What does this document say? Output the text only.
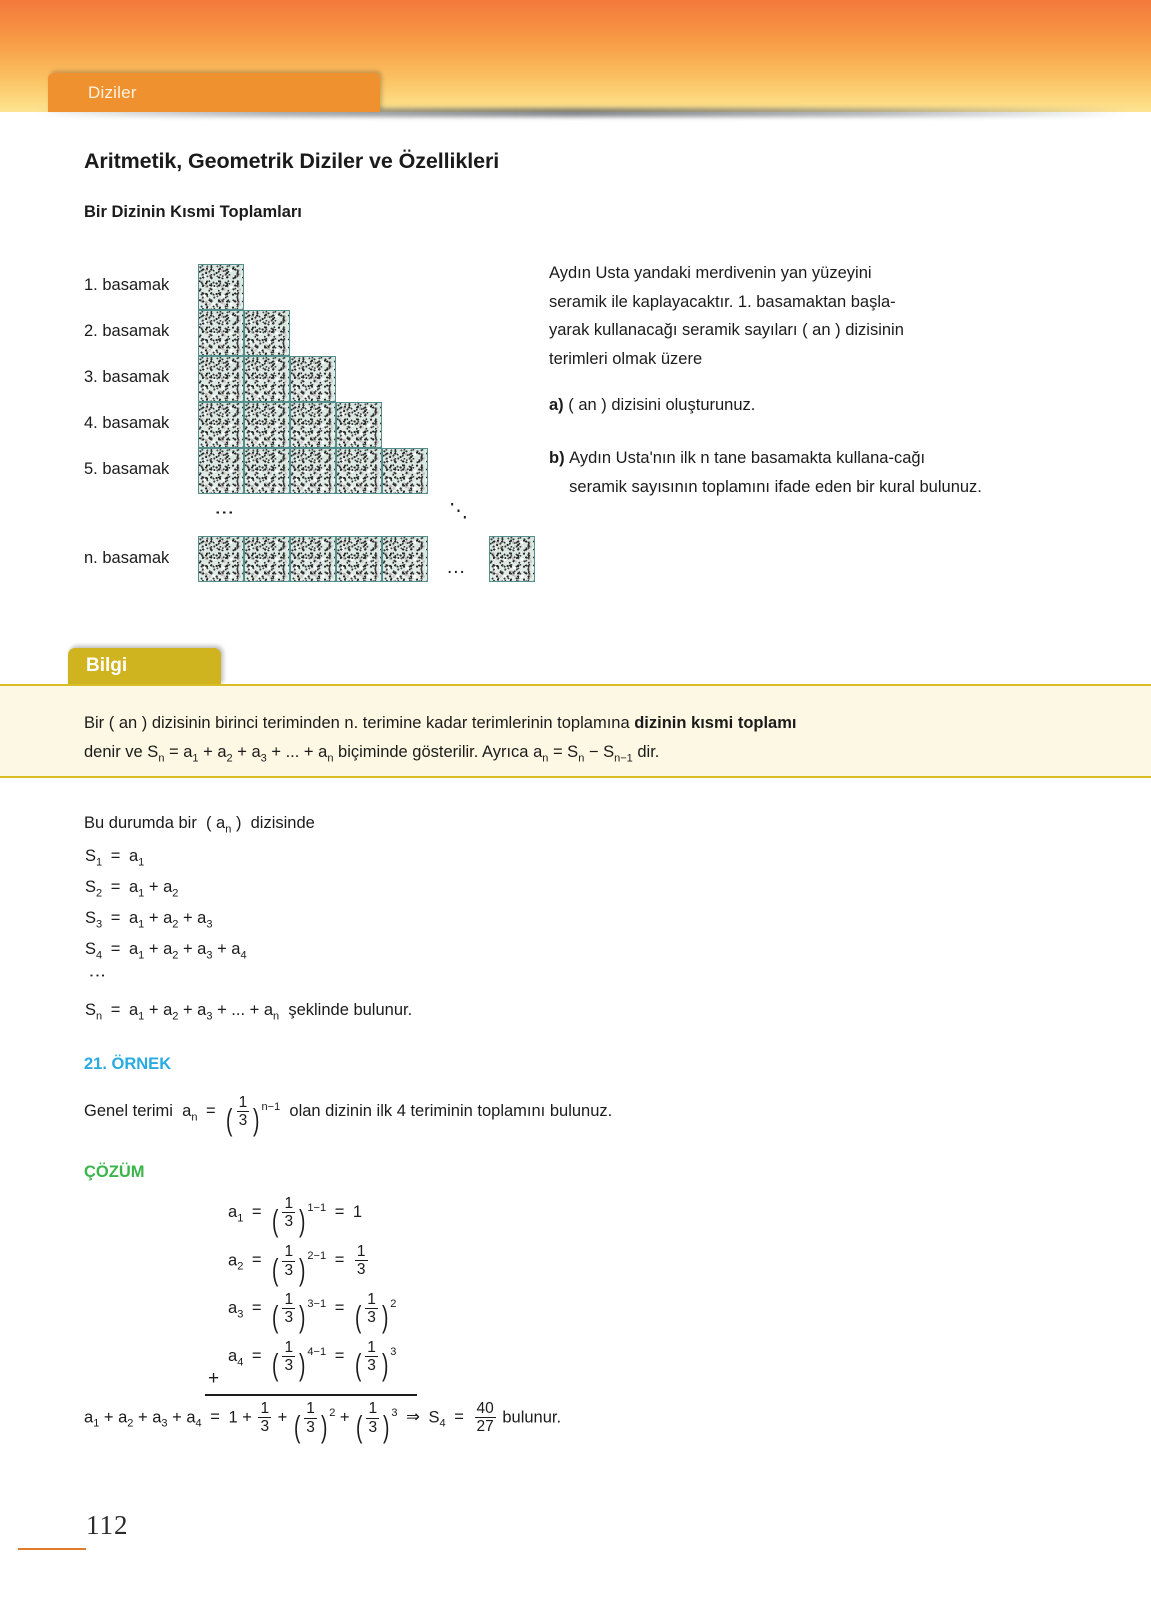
Diziler
Aritmetik, Geometrik Diziler ve Özellikleri
Bir Dizinin Kısmi Toplamları
1. basamak
2. basamak
3. basamak
4. basamak
5. basamak
n. basamak
⋮	⋱
...
Aydın Usta yandaki merdivenin yan yüzeyini
seramik ile kaplayacaktır. 1. basamaktan başla-
yarak kullanacağı seramik sayıları ( an ) dizisinin
terimleri olmak üzere
a) ( an ) dizisini oluşturunuz.
b) Aydın Usta'nın ilk n tane basamakta kullana-cağı seramik sayısının toplamını ifade eden bir kural bulunuz.
Bilgi
Bir ( an ) dizisinin birinci teriminden n. terimine kadar terimlerinin toplamına dizinin kısmi toplamı
denir ve $S_n = a_1 + a_2 + a_3$ + ... + $a_n$ biçiminde gösterilir. Ayrıca $a_n = S_n - S_{n-1}$ dir.
Bu durumda bir  ( $a_n$ )  dizisinde
$S_1 = a_1$
$S_2 = a_1 + a_2$
$S_3 = a_1 + a_2 + a_3$
$S_4 = a_1 + a_2 + a_3 + a_4$
⋮
$S_n = a_1 + a_2 + a_3$ + ... + $a_n$ şeklinde bulunur.
21. ÖRNEK
Genel terimi  $a_n$ = ( $\frac{1}{3}$ ) $^{n-1}$ olan dizinin ilk 4 teriminin toplamını bulunuz.
ÇÖZÜM
$a_1$ = ( $\frac{1}{3}$ ) $^{1-1}$ = 1
$a_2$ = ( $\frac{1}{3}$ ) $^{2-1} = \frac{1}{3}$
$a_3$ = ( $\frac{1}{3}$ ) $^{3-1}$ = ( $\frac{1}{3}$ ) $^2$
$a_4$ = ( $\frac{1}{3}$ ) $^{4-1}$ = ( $\frac{1}{3}$ ) $^3$
+
$a_1 + a_2 + a_3 + a_4 = 1 + \frac{1}{3}$ + ( $\frac{1}{3}$ ) $^2$ + ( $\frac{1}{3}$ ) $^3$ ⇒ $S_4 = \frac{40}{27}$ bulunur.
112
